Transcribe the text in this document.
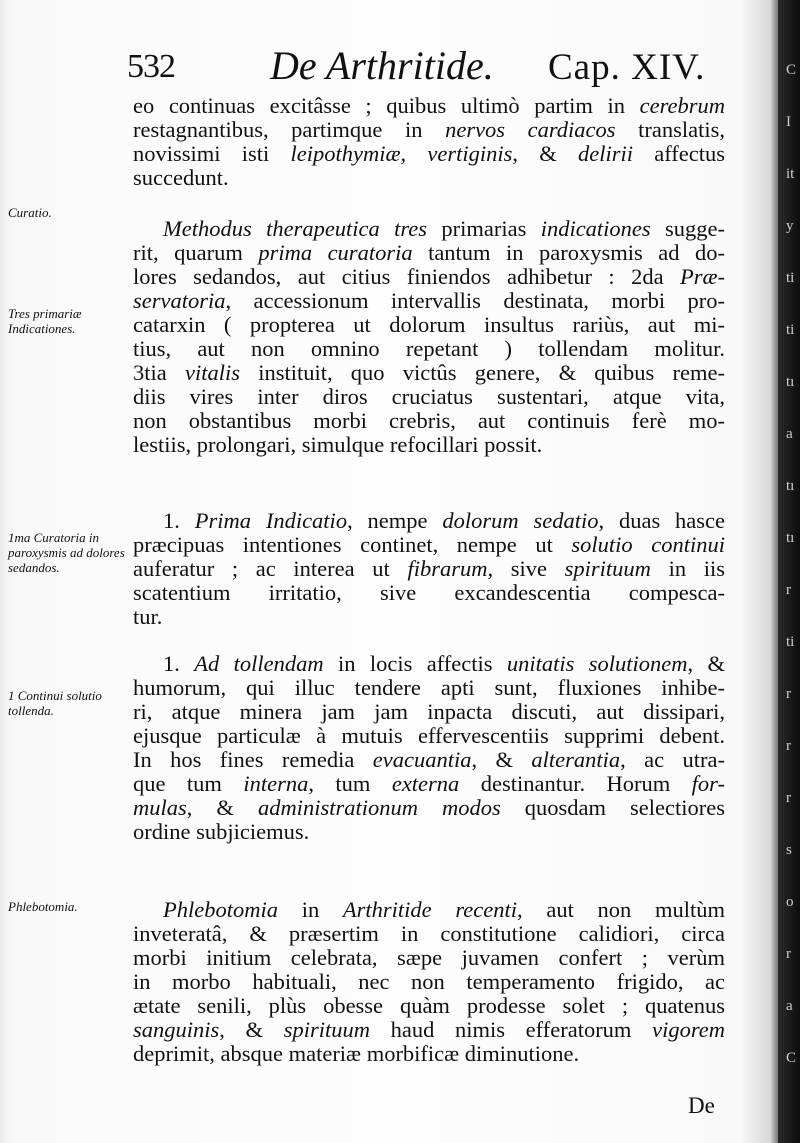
C
I
it
y
ti
ti
tı
a
tı
tı
r
ti
r
r
r
s
o
r
a
C
532 De Arthritide. Cap. XIV.
Curatio.
Tres primariæ Indicationes.
1ma Curatoria in paroxysmis ad dolores sedandos.
1 Continui solutio tollenda.
Phlebotomia.
eo continuas excitâsse ; quibus ultimò partim in cerebrum
restagnantibus, partimque in nervos cardiacos translatis,
novissimi isti leipothymiæ, vertiginis, & delirii affectus
succedunt.
Methodus therapeutica tres primarias indicationes sugge-
rit, quarum prima curatoria tantum in paroxysmis ad do-
lores sedandos, aut citius finiendos adhibetur : 2da Præ-
servatoria, accessionum intervallis destinata, morbi pro-
catarxin ( propterea ut dolorum insultus rariùs, aut mi-
tius, aut non omnino repetant ) tollendam molitur.
3tia vitalis instituit, quo victûs genere, & quibus reme-
diis vires inter diros cruciatus sustentari, atque vita,
non obstantibus morbi crebris, aut continuis ferè mo-
lestiis, prolongari, simulque refocillari possit.
1. Prima Indicatio, nempe dolorum sedatio, duas hasce
præcipuas intentiones continet, nempe ut solutio continui
auferatur ; ac interea ut fibrarum, sive spirituum in iis
scatentium irritatio, sive excandescentia compesca-
tur.
1. Ad tollendam in locis affectis unitatis solutionem, &
humorum, qui illuc tendere apti sunt, fluxiones inhibe-
ri, atque minera jam jam inpacta discuti, aut dissipari,
ejusque particulæ à mutuis effervescentiis supprimi debent.
In hos fines remedia evacuantia, & alterantia, ac utra-
que tum interna, tum externa destinantur. Horum for-
mulas, & administrationum modos quosdam selectiores
ordine subjiciemus.
Phlebotomia in Arthritide recenti, aut non multùm
inveteratâ, & præsertim in constitutione calidiori, circa
morbi initium celebrata, sæpe juvamen confert ; verùm
in morbo habituali, nec non temperamento frigido, ac
ætate senili, plùs obesse quàm prodesse solet ; quatenus
sanguinis, & spirituum haud nimis efferatorum vigorem
deprimit, absque materiæ morbificæ diminutione.
De
